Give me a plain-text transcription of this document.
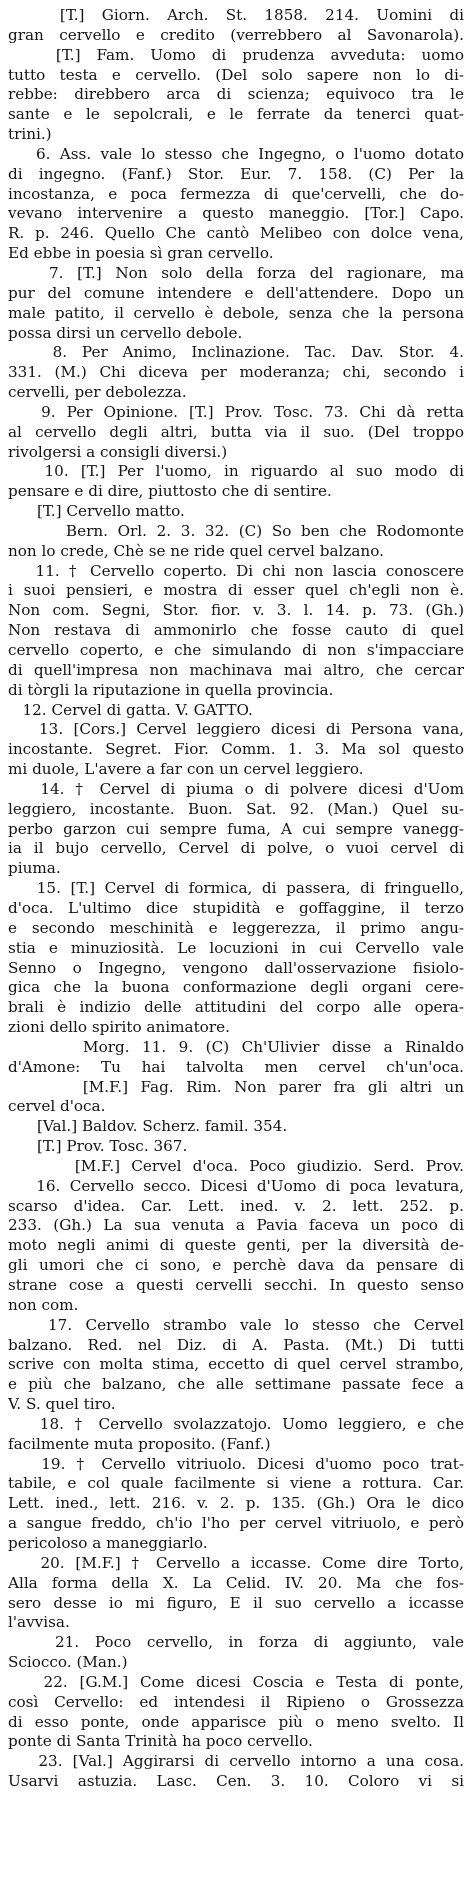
[T.] Giorn. Arch. St. 1858. 214. Uomini di
gran cervello e credito (verrebbero al Savonarola).
[T.] Fam. Uomo di prudenza avveduta: uomo
tutto testa e cervello. (Del solo sapere non lo di-
rebbe: direbbero arca di scienza; equivoco tra le
sante e le sepolcrali, e le ferrate da tenerci quat-
trini.)
6. Ass. vale lo stesso che Ingegno, o l'uomo dotato
di ingegno. (Fanf.) Stor. Eur. 7. 158. (C) Per la
incostanza, e poca fermezza di que'cervelli, che do-
vevano intervenire a questo maneggio. [Tor.] Capo.
R. p. 246. Quello Che cantò Melibeo con dolce vena,
Ed ebbe in poesia sì gran cervello.
7. [T.] Non solo della forza del ragionare, ma
pur del comune intendere e dell'attendere. Dopo un
male patito, il cervello è debole, senza che la persona
possa dirsi un cervello debole.
8. Per Animo, Inclinazione. Tac. Dav. Stor. 4.
331. (M.) Chi diceva per moderanza; chi, secondo i
cervelli, per debolezza.
9. Per Opinione. [T.] Prov. Tosc. 73. Chi dà retta
al cervello degli altri, butta via il suo. (Del troppo
rivolgersi a consigli diversi.)
10. [T.] Per l'uomo, in riguardo al suo modo di
pensare e di dire, piuttosto che di sentire.
[T.] Cervello matto.
Bern. Orl. 2. 3. 32. (C) So ben che Rodomonte
non lo crede, Chè se ne ride quel cervel balzano.
11. † Cervello coperto. Di chi non lascia conoscere
i suoi pensieri, e mostra di esser quel ch'egli non è.
Non com. Segni, Stor. fior. v. 3. l. 14. p. 73. (Gh.)
Non restava di ammonirlo che fosse cauto di quel
cervello coperto, e che simulando di non s'impacciare
di quell'impresa non machinava mai altro, che cercar
di tòrgli la riputazione in quella provincia.
12. Cervel di gatta. V. GATTO.
13. [Cors.] Cervel leggiero dicesi di Persona vana,
incostante. Segret. Fior. Comm. 1. 3. Ma sol questo
mi duole, L'avere a far con un cervel leggiero.
14. † Cervel di piuma o di polvere dicesi d'Uom
leggiero, incostante. Buon. Sat. 92. (Man.) Quel su-
perbo garzon cui sempre fuma, A cui sempre vanegg-
ia il bujo cervello, Cervel di polve, o vuoi cervel di
piuma.
15. [T.] Cervel di formica, di passera, di fringuello,
d'oca. L'ultimo dice stupidità e goffaggine, il terzo
e secondo meschinità e leggerezza, il primo angu-
stia e minuziosità. Le locuzioni in cui Cervello vale
Senno o Ingegno, vengono dall'osservazione fisiolo-
gica che la buona conformazione degli organi cere-
brali è indizio delle attitudini del corpo alle opera-
zioni dello spirito animatore.
Morg. 11. 9. (C) Ch'Ulivier disse a Rinaldo
d'Amone: Tu hai talvolta men cervel ch'un'oca.
[M.F.] Fag. Rim. Non parer fra gli altri un
cervel d'oca.
[Val.] Baldov. Scherz. famil. 354.
[T.] Prov. Tosc. 367.
[M.F.] Cervel d'oca. Poco giudizio. Serd. Prov.
16. Cervello secco. Dicesi d'Uomo di poca levatura,
scarso d'idea. Car. Lett. ined. v. 2. lett. 252. p.
233. (Gh.) La sua venuta a Pavia faceva un poco di
moto negli animi di queste genti, per la diversità de-
gli umori che ci sono, e perchè dava da pensare di
strane cose a questi cervelli secchi. In questo senso
non com.
17. Cervello strambo vale lo stesso che Cervel
balzano. Red. nel Diz. di A. Pasta. (Mt.) Di tutti
scrive con molta stima, eccetto di quel cervel strambo,
e più che balzano, che alle settimane passate fece a
V. S. quel tiro.
18. † Cervello svolazzatojo. Uomo leggiero, e che
facilmente muta proposito. (Fanf.)
19. † Cervello vitriuolo. Dicesi d'uomo poco trat-
tabile, e col quale facilmente si viene a rottura. Car.
Lett. ined., lett. 216. v. 2. p. 135. (Gh.) Ora le dico
a sangue freddo, ch'io l'ho per cervel vitriuolo, e però
pericoloso a maneggiarlo.
20. [M.F.] † Cervello a iccasse. Come dire Torto,
Alla forma della X. La Celid. IV. 20. Ma che fos-
sero desse io mi figuro, E il suo cervello a iccasse
l'avvisa.
21. Poco cervello, in forza di aggiunto, vale
Sciocco. (Man.)
22. [G.M.] Come dicesi Coscia e Testa di ponte,
così Cervello: ed intendesi il Ripieno o Grossezza
di esso ponte, onde apparisce più o meno svelto. Il
ponte di Santa Trinità ha poco cervello.
23. [Val.] Aggirarsi di cervello intorno a una cosa.
Usarvi astuzia. Lasc. Cen. 3. 10. Coloro vi si
